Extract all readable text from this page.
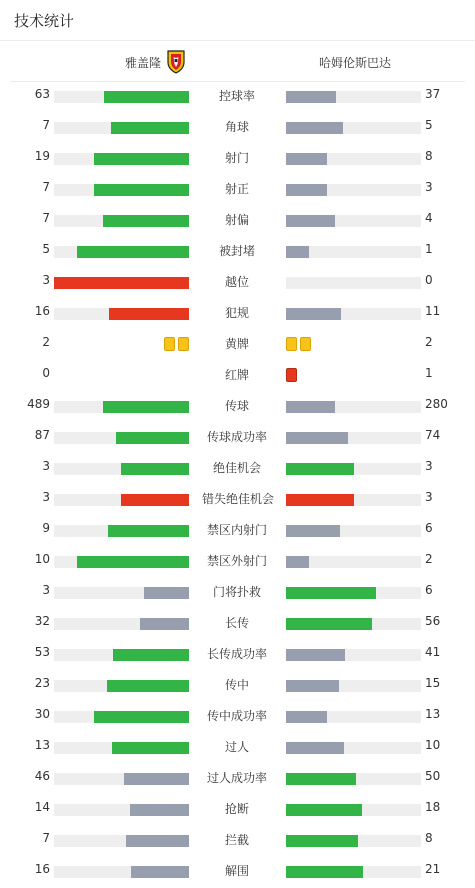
技术统计
雅盖隆	哈姆伦斯巴达
63	控球率	37
7	角球	5
19	射门	8
7	射正	3
7	射偏	4
5	被封堵	1
3	越位	0
16	犯规	11
2	黄牌	2
0	红牌	1
489	传球	280
87	传球成功率	74
3	绝佳机会	3
3	错失绝佳机会	3
9	禁区内射门	6
10	禁区外射门	2
3	门将扑救	6
32	长传	56
53	长传成功率	41
23	传中	15
30	传中成功率	13
13	过人	10
46	过人成功率	50
14	抢断	18
7	拦截	8
16	解围	21
